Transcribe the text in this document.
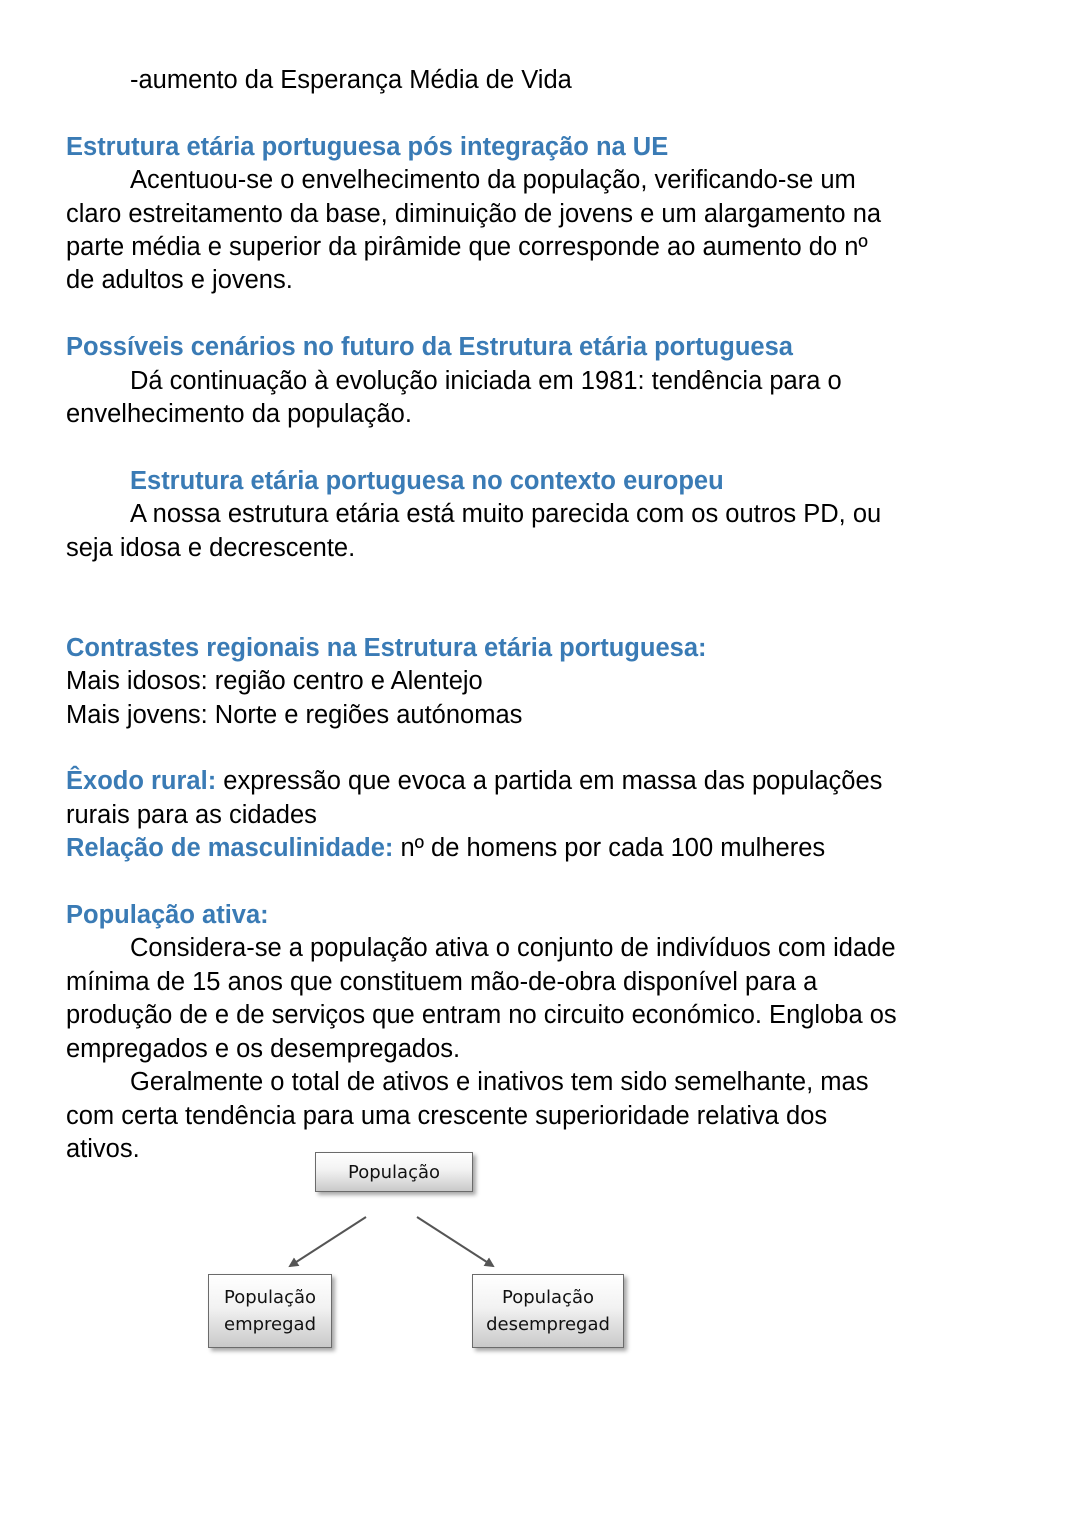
-aumento da Esperança Média de Vida
Estrutura etária portuguesa pós integração na UE
Acentuou-se o envelhecimento da população, verificando-se um
claro estreitamento da base, diminuição de jovens e um alargamento na
parte média e superior da pirâmide que corresponde ao aumento do nº
de adultos e jovens.
Possíveis cenários no futuro da Estrutura etária portuguesa
Dá continuação à evolução iniciada em 1981: tendência para o
envelhecimento da população.
Estrutura etária portuguesa no contexto europeu
A nossa estrutura etária está muito parecida com os outros PD, ou
seja idosa e decrescente.
Contrastes regionais na Estrutura etária portuguesa:
Mais idosos: região centro e Alentejo
Mais jovens: Norte e regiões autónomas
Êxodo rural: expressão que evoca a partida em massa das populações
rurais para as cidades
Relação de masculinidade: nº de homens por cada 100 mulheres
População ativa:
Considera-se a população ativa o conjunto de indivíduos com idade
mínima de 15 anos que constituem mão-de-obra disponível para a
produção de e de serviços que entram no circuito económico. Engloba os
empregados e os desempregados.
Geralmente o total de ativos e inativos tem sido semelhante, mas
com certa tendência para uma crescente superioridade relativa dos
ativos.
População
População
empregad
População
desempregad
